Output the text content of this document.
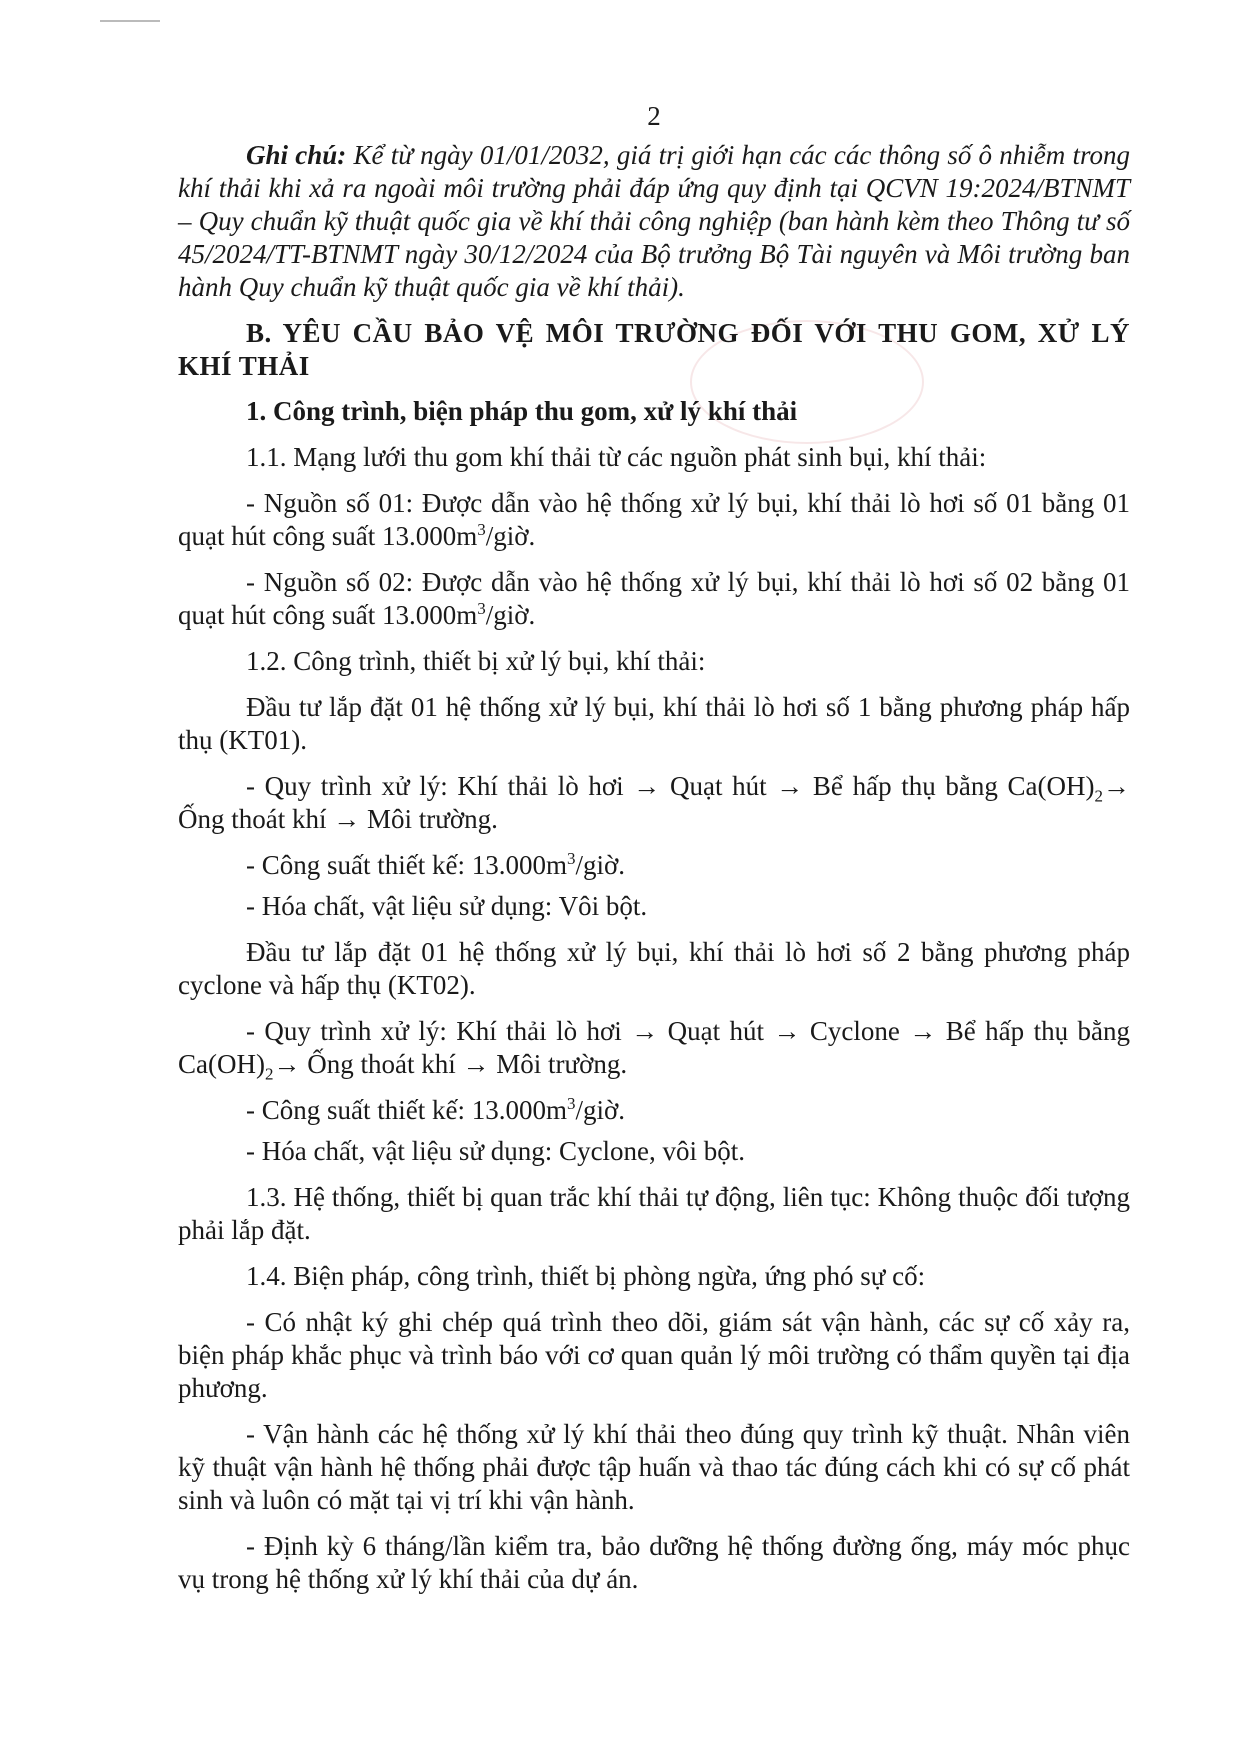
2

Ghi chú: Kể từ ngày 01/01/2032, giá trị giới hạn các các thông số ô nhiễm trong khí thải khi xả ra ngoài môi trường phải đáp ứng quy định tại QCVN 19:2024/BTNMT – Quy chuẩn kỹ thuật quốc gia về khí thải công nghiệp (ban hành kèm theo Thông tư số 45/2024/TT-BTNMT ngày 30/12/2024 của Bộ trưởng Bộ Tài nguyên và Môi trường ban hành Quy chuẩn kỹ thuật quốc gia về khí thải).

B. YÊU CẦU BẢO VỆ MÔI TRƯỜNG ĐỐI VỚI THU GOM, XỬ LÝ KHÍ THẢI
1. Công trình, biện pháp thu gom, xử lý khí thải

1.1. Mạng lưới thu gom khí thải từ các nguồn phát sinh bụi, khí thải:

- Nguồn số 01: Được dẫn vào hệ thống xử lý bụi, khí thải lò hơi số 01 bằng 01 quạt hút công suất $13.000m^3$/giờ.

- Nguồn số 02: Được dẫn vào hệ thống xử lý bụi, khí thải lò hơi số 02 bằng 01 quạt hút công suất $13.000m^3$/giờ.

1.2. Công trình, thiết bị xử lý bụi, khí thải:

Đầu tư lắp đặt 01 hệ thống xử lý bụi, khí thải lò hơi số 1 bằng phương pháp hấp thụ (KT01).

- Quy trình xử lý: Khí thải lò hơi → Quạt hút → Bể hấp thụ bằng $Ca(OH)_2\to$ Ống thoát khí → Môi trường.

- Công suất thiết kế: $13.000m^3$/giờ.

- Hóa chất, vật liệu sử dụng: Vôi bột.

Đầu tư lắp đặt 01 hệ thống xử lý bụi, khí thải lò hơi số 2 bằng phương pháp cyclone và hấp thụ (KT02).

- Quy trình xử lý: Khí thải lò hơi → Quạt hút → Cyclone → Bể hấp thụ bằng $Ca(OH)_2\to$ Ống thoát khí → Môi trường.

- Công suất thiết kế: $13.000m^3$/giờ.

- Hóa chất, vật liệu sử dụng: Cyclone, vôi bột.

1.3. Hệ thống, thiết bị quan trắc khí thải tự động, liên tục: Không thuộc đối tượng phải lắp đặt.

1.4. Biện pháp, công trình, thiết bị phòng ngừa, ứng phó sự cố:

- Có nhật ký ghi chép quá trình theo dõi, giám sát vận hành, các sự cố xảy ra, biện pháp khắc phục và trình báo với cơ quan quản lý môi trường có thẩm quyền tại địa phương.

- Vận hành các hệ thống xử lý khí thải theo đúng quy trình kỹ thuật. Nhân viên kỹ thuật vận hành hệ thống phải được tập huấn và thao tác đúng cách khi có sự cố phát sinh và luôn có mặt tại vị trí khi vận hành.

- Định kỳ 6 tháng/lần kiểm tra, bảo dưỡng hệ thống đường ống, máy móc phục vụ trong hệ thống xử lý khí thải của dự án.
